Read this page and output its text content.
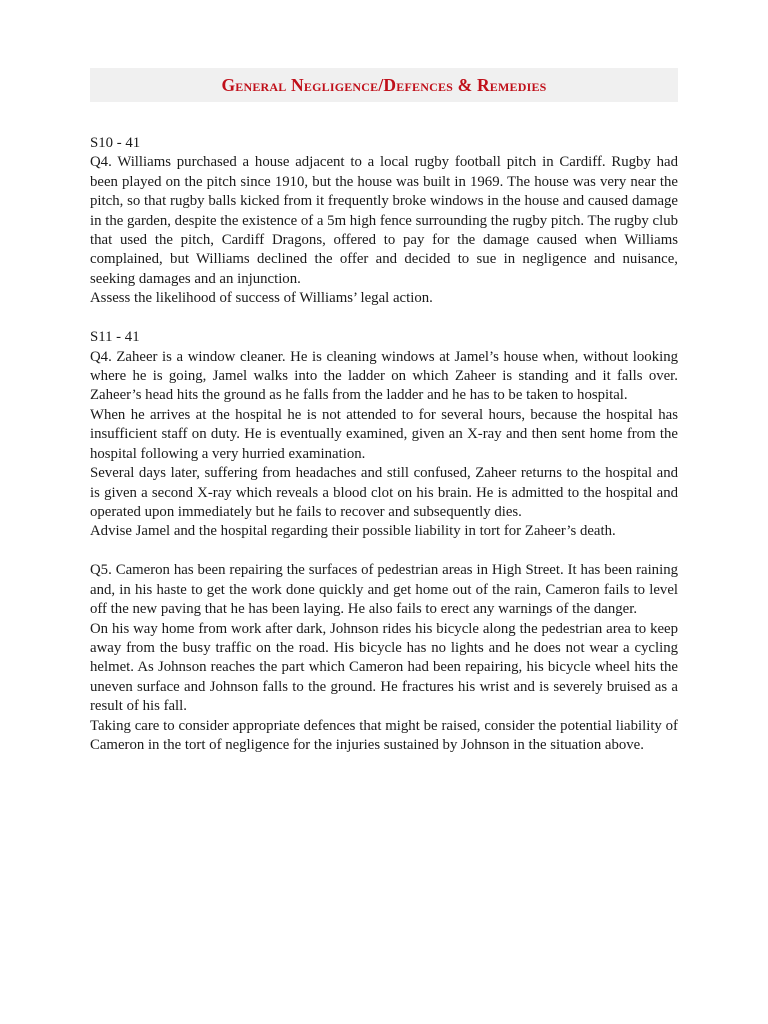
General Negligence/Defences & Remedies

S10 - 41

Q4. Williams purchased a house adjacent to a local rugby football pitch in Cardiff. Rugby had been played on the pitch since 1910, but the house was built in 1969. The house was very near the pitch, so that rugby balls kicked from it frequently broke windows in the house and caused damage in the garden, despite the existence of a 5m high fence surrounding the rugby pitch. The rugby club that used the pitch, Cardiff Dragons, offered to pay for the damage caused when Williams complained, but Williams declined the offer and decided to sue in negligence and nuisance, seeking damages and an injunction.

Assess the likelihood of success of Williams’ legal action.

S11 - 41

Q4. Zaheer is a window cleaner. He is cleaning windows at Jamel’s house when, without looking where he is going, Jamel walks into the ladder on which Zaheer is standing and it falls over. Zaheer’s head hits the ground as he falls from the ladder and he has to be taken to hospital.

When he arrives at the hospital he is not attended to for several hours, because the hospital has insufficient staff on duty. He is eventually examined, given an X-ray and then sent home from the hospital following a very hurried examination.

Several days later, suffering from headaches and still confused, Zaheer returns to the hospital and is given a second X-ray which reveals a blood clot on his brain. He is admitted to the hospital and operated upon immediately but he fails to recover and subsequently dies.

Advise Jamel and the hospital regarding their possible liability in tort for Zaheer’s death.

Q5. Cameron has been repairing the surfaces of pedestrian areas in High Street. It has been raining and, in his haste to get the work done quickly and get home out of the rain, Cameron fails to level off the new paving that he has been laying. He also fails to erect any warnings of the danger.

On his way home from work after dark, Johnson rides his bicycle along the pedestrian area to keep away from the busy traffic on the road. His bicycle has no lights and he does not wear a cycling helmet. As Johnson reaches the part which Cameron had been repairing, his bicycle wheel hits the uneven surface and Johnson falls to the ground. He fractures his wrist and is severely bruised as a result of his fall.

Taking care to consider appropriate defences that might be raised, consider the potential liability of Cameron in the tort of negligence for the injuries sustained by Johnson in the situation above.
